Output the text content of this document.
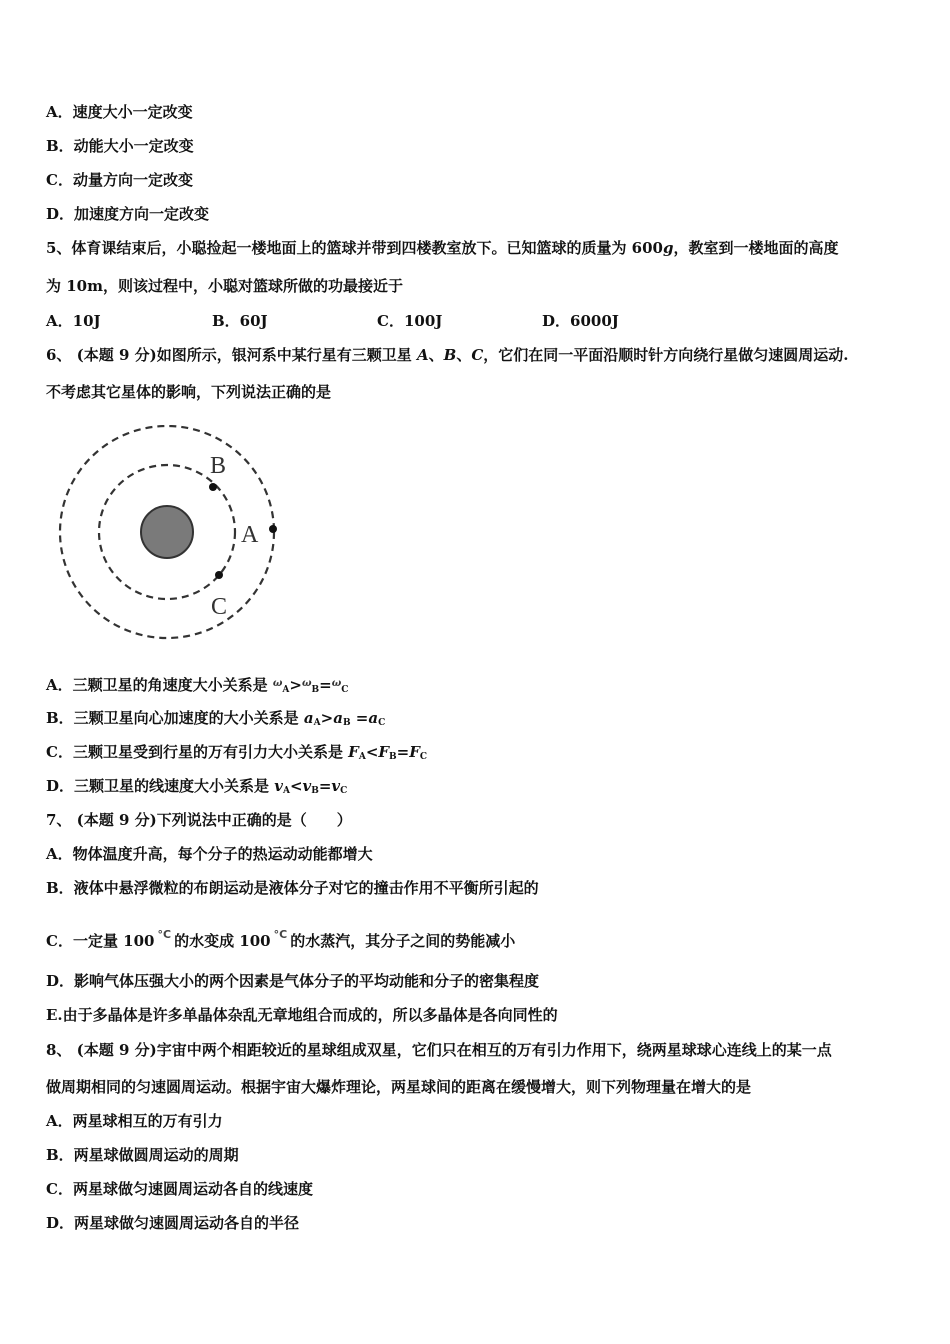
A．速度大小一定改变
B．动能大小一定改变
C．动量方向一定改变
D．加速度方向一定改变
5、体育课结束后，小聪捡起一楼地面上的篮球并带到四楼教室放下。已知篮球的质量为 600g，教室到一楼地面的高度
为 10m，则该过程中，小聪对篮球所做的功最接近于
A．10J	B．60J	C．100J	D．6000J
6、 (本题 9 分)如图所示，银河系中某行星有三颗卫星 A、B、C，它们在同一平面沿顺时针方向绕行星做匀速圆周运动.
不考虑其它星体的影响，下列说法正确的是
B
A
C
A．三颗卫星的角速度大小关系是 $^\omega_A$>$^\omega_B$=$^\omega_C$
B．三颗卫星向心加速度的大小关系是 $a_A>a_B =a_C$
C．三颗卫星受到行星的万有引力大小关系是 $F_A<F_B=F_C$
D．三颗卫星的线速度大小关系是 $v_A<v_B=v_C$
7、 (本题 9 分)下列说法中正确的是（　　）
A．物体温度升高，每个分子的热运动动能都增大
B．液体中悬浮微粒的布朗运动是液体分子对它的撞击作用不平衡所引起的
C．一定量 100 $^{^\circ C}$ 的水变成 100 $^{^\circ C}$ 的水蒸汽，其分子之间的势能减小
D．影响气体压强大小的两个因素是气体分子的平均动能和分子的密集程度
E.由于多晶体是许多单晶体杂乱无章地组合而成的，所以多晶体是各向同性的
8、 (本题 9 分)宇宙中两个相距较近的星球组成双星，它们只在相互的万有引力作用下，绕两星球球心连线上的某一点
做周期相同的匀速圆周运动。根据宇宙大爆炸理论，两星球间的距离在缓慢增大，则下列物理量在增大的是
A．两星球相互的万有引力
B．两星球做圆周运动的周期
C．两星球做匀速圆周运动各自的线速度
D．两星球做匀速圆周运动各自的半径
